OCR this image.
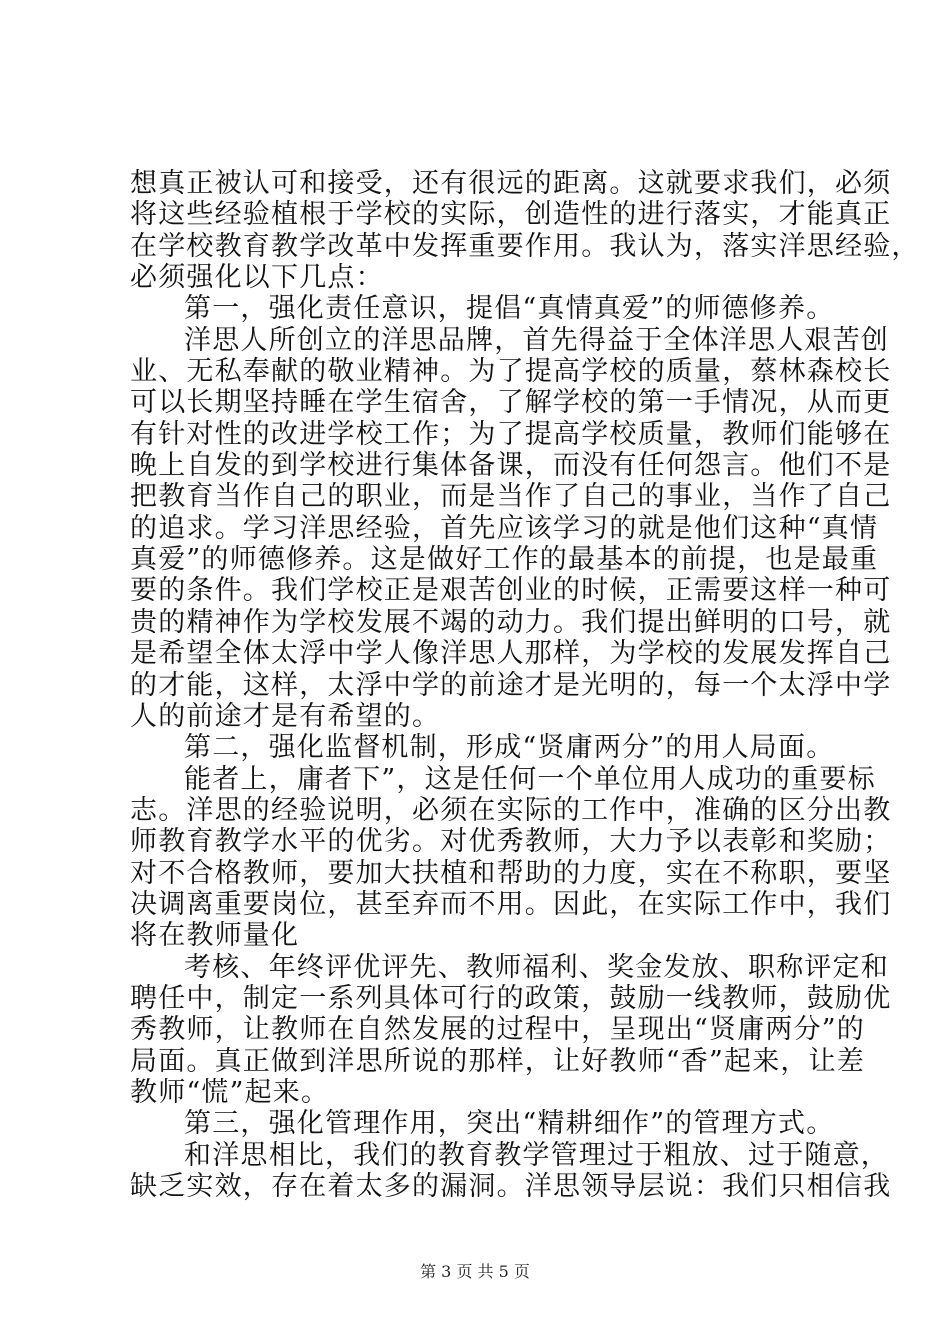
想真正被认可和接受，还有很远的距离。这就要求我们，必须
将这些经验植根于学校的实际，创造性的进行落实，才能真正
在学校教育教学改革中发挥重要作用。我认为，落实洋思经验，
必须强化以下几点：
第一，强化责任意识，提倡“真情真爱”的师德修养。
洋思人所创立的洋思品牌，首先得益于全体洋思人艰苦创
业、无私奉献的敬业精神。为了提高学校的质量，蔡林森校长
可以长期坚持睡在学生宿舍，了解学校的第一手情况，从而更
有针对性的改进学校工作；为了提高学校质量，教师们能够在
晚上自发的到学校进行集体备课，而没有任何怨言。他们不是
把教育当作自己的职业，而是当作了自己的事业，当作了自己
的追求。学习洋思经验，首先应该学习的就是他们这种“真情
真爱”的师德修养。这是做好工作的最基本的前提，也是最重
要的条件。我们学校正是艰苦创业的时候，正需要这样一种可
贵的精神作为学校发展不竭的动力。我们提出鲜明的口号，就
是希望全体太浮中学人像洋思人那样，为学校的发展发挥自己
的才能，这样，太浮中学的前途才是光明的，每一个太浮中学
人的前途才是有希望的。
第二，强化监督机制，形成“贤庸两分”的用人局面。
能者上，庸者下”，这是任何一个单位用人成功的重要标
志。洋思的经验说明，必须在实际的工作中，准确的区分出教
师教育教学水平的优劣。对优秀教师，大力予以表彰和奖励；
对不合格教师，要加大扶植和帮助的力度，实在不称职，要坚
决调离重要岗位，甚至弃而不用。因此，在实际工作中，我们
将在教师量化
考核、年终评优评先、教师福利、奖金发放、职称评定和
聘任中，制定一系列具体可行的政策，鼓励一线教师，鼓励优
秀教师，让教师在自然发展的过程中，呈现出“贤庸两分”的
局面。真正做到洋思所说的那样，让好教师“香”起来，让差
教师“慌”起来。
第三，强化管理作用，突出“精耕细作”的管理方式。
和洋思相比，我们的教育教学管理过于粗放、过于随意，
缺乏实效，存在着太多的漏洞。洋思领导层说：我们只相信我
第 3 页 共 5 页
